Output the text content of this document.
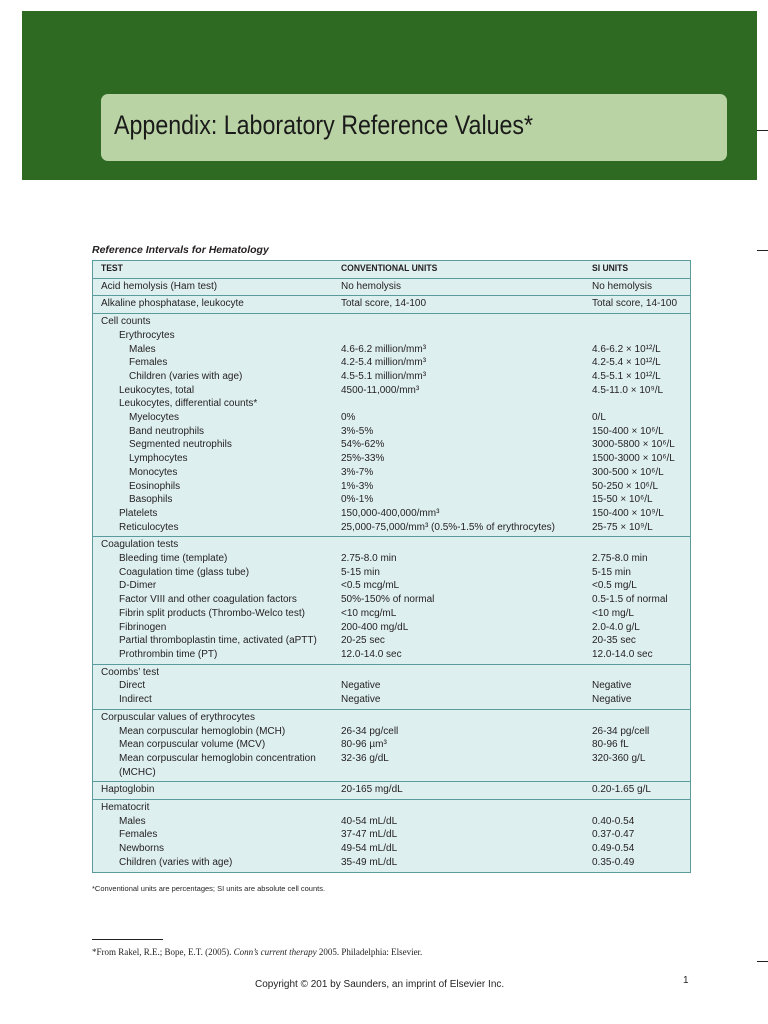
Appendix: Laboratory Reference Values*
Reference Intervals for Hematology
TEST	CONVENTIONAL UNITS	SI UNITS
Acid hemolysis (Ham test)	No hemolysis	No hemolysis
Alkaline phosphatase, leukocyte	Total score, 14-100	Total score, 14-100
Cell counts
Erythrocytes
Males	4.6-6.2 million/mm³	4.6-6.2 × 10¹²/L
Females	4.2-5.4 million/mm³	4.2-5.4 × 10¹²/L
Children (varies with age)	4.5-5.1 million/mm³	4.5-5.1 × 10¹²/L
Leukocytes, total	4500-11,000/mm³	4.5-11.0 × 10⁹/L
Leukocytes, differential counts*
Myelocytes	0%	0/L
Band neutrophils	3%-5%	150-400 × 10⁶/L
Segmented neutrophils	54%-62%	3000-5800 × 10⁶/L
Lymphocytes	25%-33%	1500-3000 × 10⁶/L
Monocytes	3%-7%	300-500 × 10⁶/L
Eosinophils	1%-3%	50-250 × 10⁶/L
Basophils	0%-1%	15-50 × 10⁶/L
Platelets	150,000-400,000/mm³	150-400 × 10⁹/L
Reticulocytes	25,000-75,000/mm³ (0.5%-1.5% of erythrocytes)	25-75 × 10⁹/L
Coagulation tests
Bleeding time (template)	2.75-8.0 min	2.75-8.0 min
Coagulation time (glass tube)	5-15 min	5-15 min
D-Dimer	<0.5 mcg/mL	<0.5 mg/L
Factor VIII and other coagulation factors	50%-150% of normal	0.5-1.5 of normal
Fibrin split products (Thrombo-Welco test)	<10 mcg/mL	<10 mg/L
Fibrinogen	200-400 mg/dL	2.0-4.0 g/L
Partial thromboplastin time, activated (aPTT)	20-25 sec	20-35 sec
Prothrombin time (PT)	12.0-14.0 sec	12.0-14.0 sec
Coombs’ test
Direct	Negative	Negative
Indirect	Negative	Negative
Corpuscular values of erythrocytes
Mean corpuscular hemoglobin (MCH)	26-34 pg/cell	26-34 pg/cell
Mean corpuscular volume (MCV)	80-96 µm³	80-96 fL
Mean corpuscular hemoglobin concentration	32-36 g/dL	320-360 g/L
(MCHC)
Haptoglobin	20-165 mg/dL	0.20-1.65 g/L
Hematocrit
Males	40-54 mL/dL	0.40-0.54
Females	37-47 mL/dL	0.37-0.47
Newborns	49-54 mL/dL	0.49-0.54
Children (varies with age)	35-49 mL/dL	0.35-0.49
*Conventional units are percentages; SI units are absolute cell counts.
*From Rakel, R.E.; Bope, E.T. (2005). Conn’s current therapy 2005. Philadelphia: Elsevier.
Copyright © 201 by Saunders, an imprint of Elsevier Inc.	1
